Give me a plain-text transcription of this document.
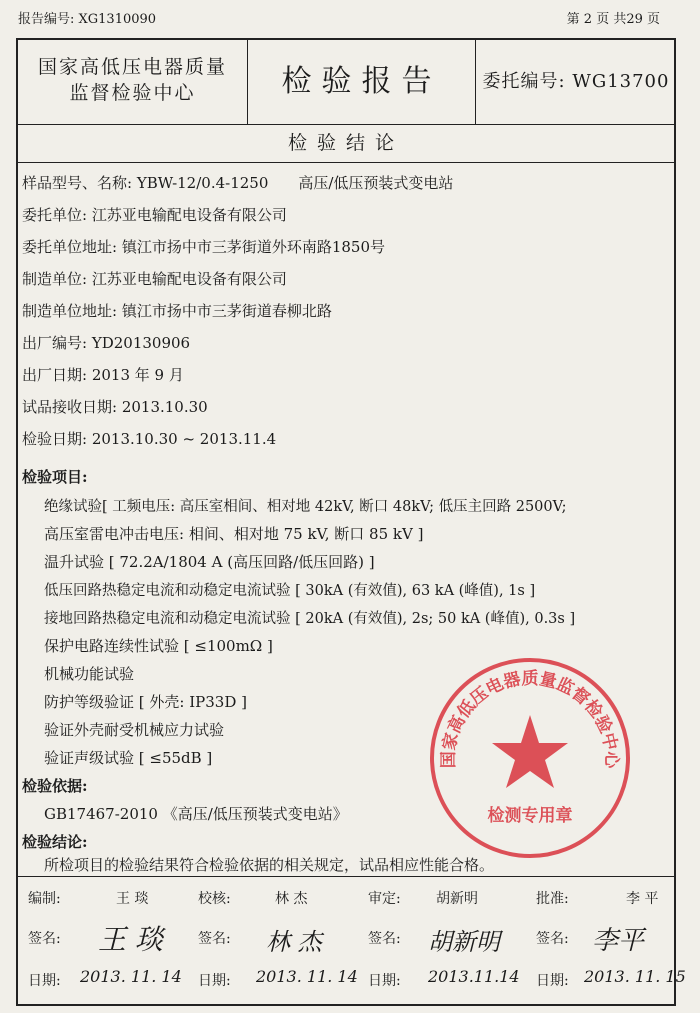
报告编号: XG1310090	第 2 页 共29 页
国家高低压电器质量
监督检验中心	检验报告	委托编号: WG13700
检验结论
样品型号、名称: YBW-12/0.4-1250　　高压/低压预装式变电站
委托单位: 江苏亚电输配电设备有限公司
委托单位地址: 镇江市扬中市三茅街道外环南路1850号
制造单位: 江苏亚电输配电设备有限公司
制造单位地址: 镇江市扬中市三茅街道春柳北路
出厂编号: YD20130906
出厂日期: 2013 年 9 月
试品接收日期: 2013.10.30
检验日期: 2013.10.30 ~ 2013.11.4
检验项目:
绝缘试验[ 工频电压: 高压室相间、相对地 42kV, 断口 48kV; 低压主回路 2500V;
高压室雷电冲击电压: 相间、相对地 75 kV, 断口 85 kV ]
温升试验 [ 72.2A/1804 A (高压回路/低压回路) ]
低压回路热稳定电流和动稳定电流试验 [ 30kA (有效值), 63 kA (峰值), 1s ]
接地回路热稳定电流和动稳定电流试验 [ 20kA (有效值), 2s; 50 kA (峰值), 0.3s ]
保护电路连续性试验 [ ≤100mΩ ]
机械功能试验
防护等级验证 [ 外壳: IP33D ]
验证外壳耐受机械应力试验
验证声级试验 [ ≤55dB ]
检验依据:
GB17467-2010 《高压/低压预装式变电站》
检验结论:
所检项目的检验结果符合检验依据的相关规定，试品相应性能合格。
编制:	王 琰	校核:	林 杰	审定:	胡新明	批准:	李 平
签名: 王 琰	签名: 林 杰	签名: 胡新明	签名: 李平
日期: 2013. 11. 14 日期: 2013. 11. 14 日期: 2013.11.14 日期: 2013. 11. 15
国家高低压电器质量监督检验中心
检测专用章
